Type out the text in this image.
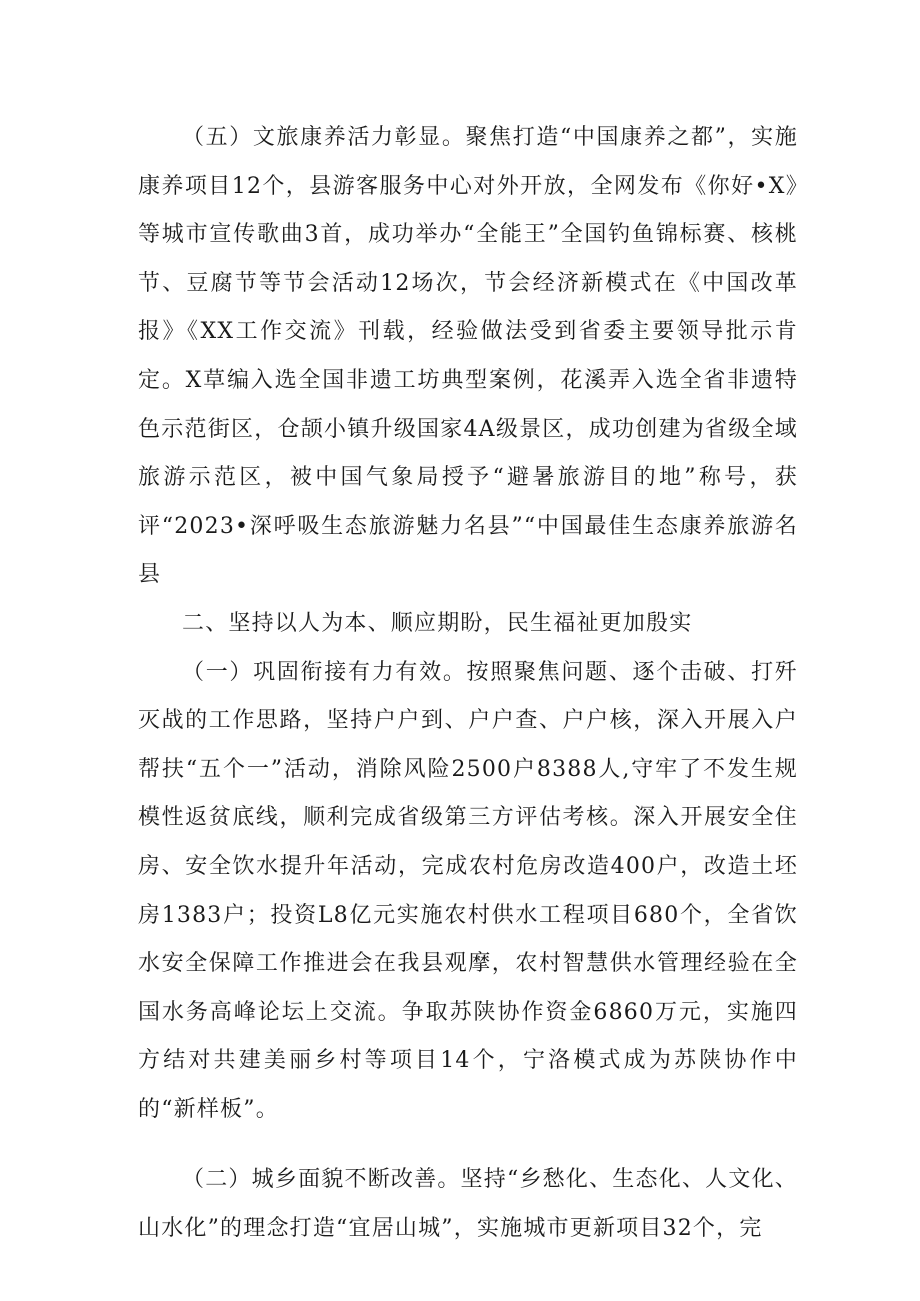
（五）文旅康养活力彰显。聚焦打造“中国康养之都”，实施康养项目12个，县游客服务中心对外开放，全网发布《你好•X》等城市宣传歌曲3首，成功举办“全能王”全国钓鱼锦标赛、核桃节、豆腐节等节会活动12场次，节会经济新模式在《中国改革报》《XX工作交流》刊载，经验做法受到省委主要领导批示肯定。X草编入选全国非遗工坊典型案例，花溪弄入选全省非遗特色示范街区，仓颉小镇升级国家4A级景区，成功创建为省级全域旅游示范区，被中国气象局授予“避暑旅游目的地”称号，获评“2023•深呼吸生态旅游魅力名县”“中国最佳生态康养旅游名县

二、坚持以人为本、顺应期盼，民生福祉更加殷实

（一）巩固衔接有力有效。按照聚焦问题、逐个击破、打歼灭战的工作思路，坚持户户到、户户查、户户核，深入开展入户帮扶“五个一”活动，消除风险2500户8388人,守牢了不发生规模性返贫底线，顺利完成省级第三方评估考核。深入开展安全住房、安全饮水提升年活动，完成农村危房改造400户，改造土坯房1383户；投资L8亿元实施农村供水工程项目680个，全省饮水安全保障工作推进会在我县观摩，农村智慧供水管理经验在全国水务高峰论坛上交流。争取苏陕协作资金6860万元，实施四方结对共建美丽乡村等项目14个，宁洛模式成为苏陕协作中的“新样板”。

（二）城乡面貌不断改善。坚持“乡愁化、生态化、人文化、山水化”的理念打造“宜居山城”，实施城市更新项目32个，完
